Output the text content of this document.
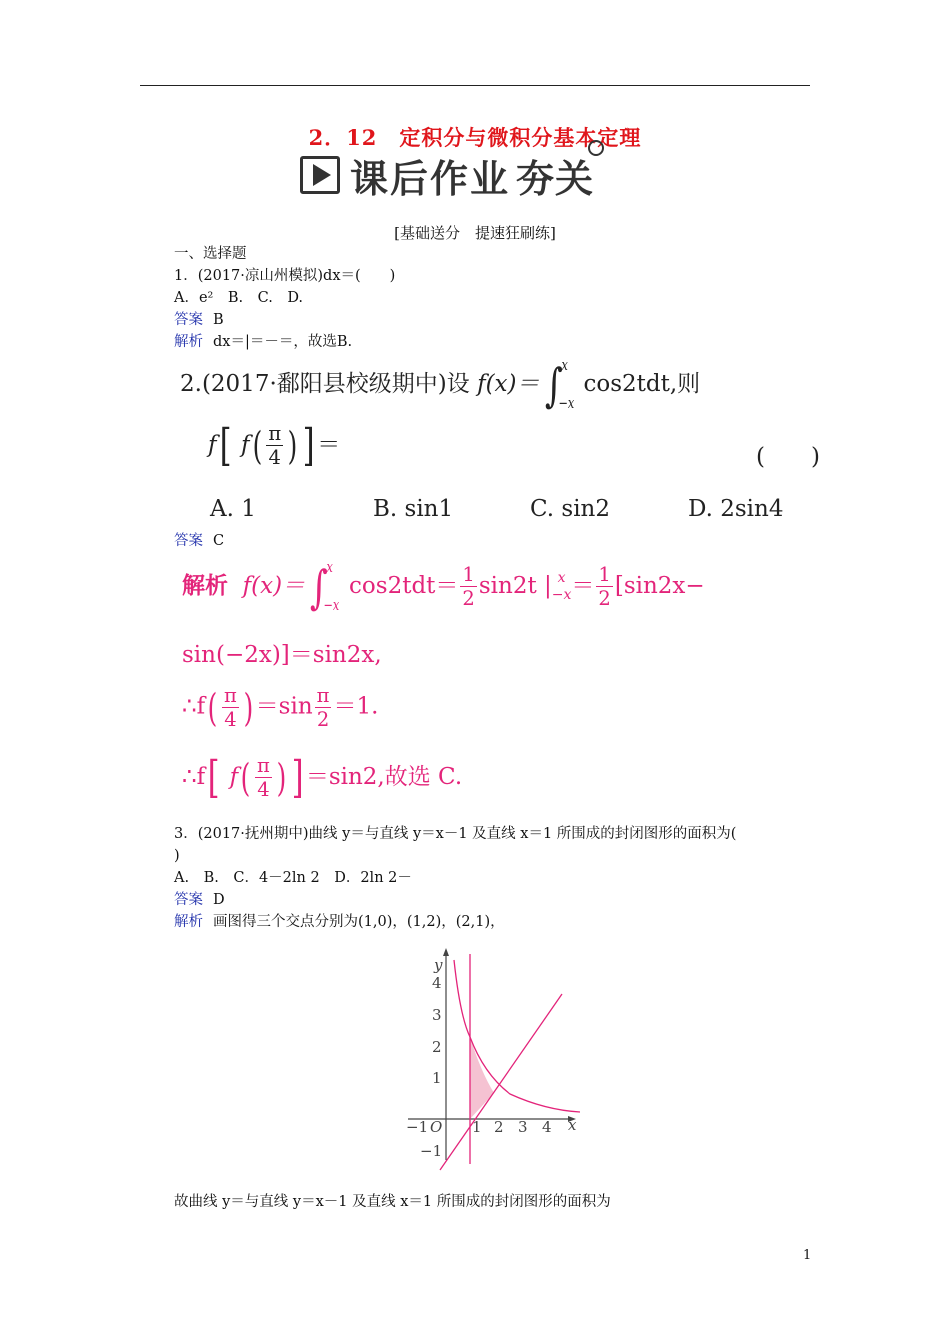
2．12　定积分与微积分基本定理
课后作业 夯关
[基础送分　提速狂刷练]
一、选择题
1．(2017·凉山州模拟)dx＝(　　)
A．e²　B.　C.　D.
答案 B
解析 dx＝|＝－＝，故选B.
2.(2017·鄱阳县校级期中)设 f(x)＝ ∫
x
−x
cos2tdt,则
f[ $f( \frac{\pi}{4}$ ) ] ＝	(　　)
A. 1	B. sin1	C. sin2	D. 2sin4
答案 C
解析 f(x)＝ ∫
x
−x
$\cos 2tdt= \frac{1}{2} \sin 2t$ | x
$-x = \frac{1}{2} [\sin 2x-$
sin(−2x)]＝sin2x,
∴f( $\frac{\pi}{4}$ ) $=\sin \frac{\pi}{2} =1$.
∴f[ $f( \frac{\pi}{4}$ ) ] ＝sin2,故选 C.
3．(2017·抚州期中)曲线 y＝与直线 y＝x－1 及直线 x＝1 所围成的封闭图形的面积为(
)
A.　B.　C．4－2ln 2　D．2ln 2－
答案 D
解析 画图得三个交点分别为(1,0)，(1,2)，(2,1)，
y
x
4
3
2
1
−1
−1 O 1 2 3 4
故曲线 y＝与直线 y＝x－1 及直线 x＝1 所围成的封闭图形的面积为
1
